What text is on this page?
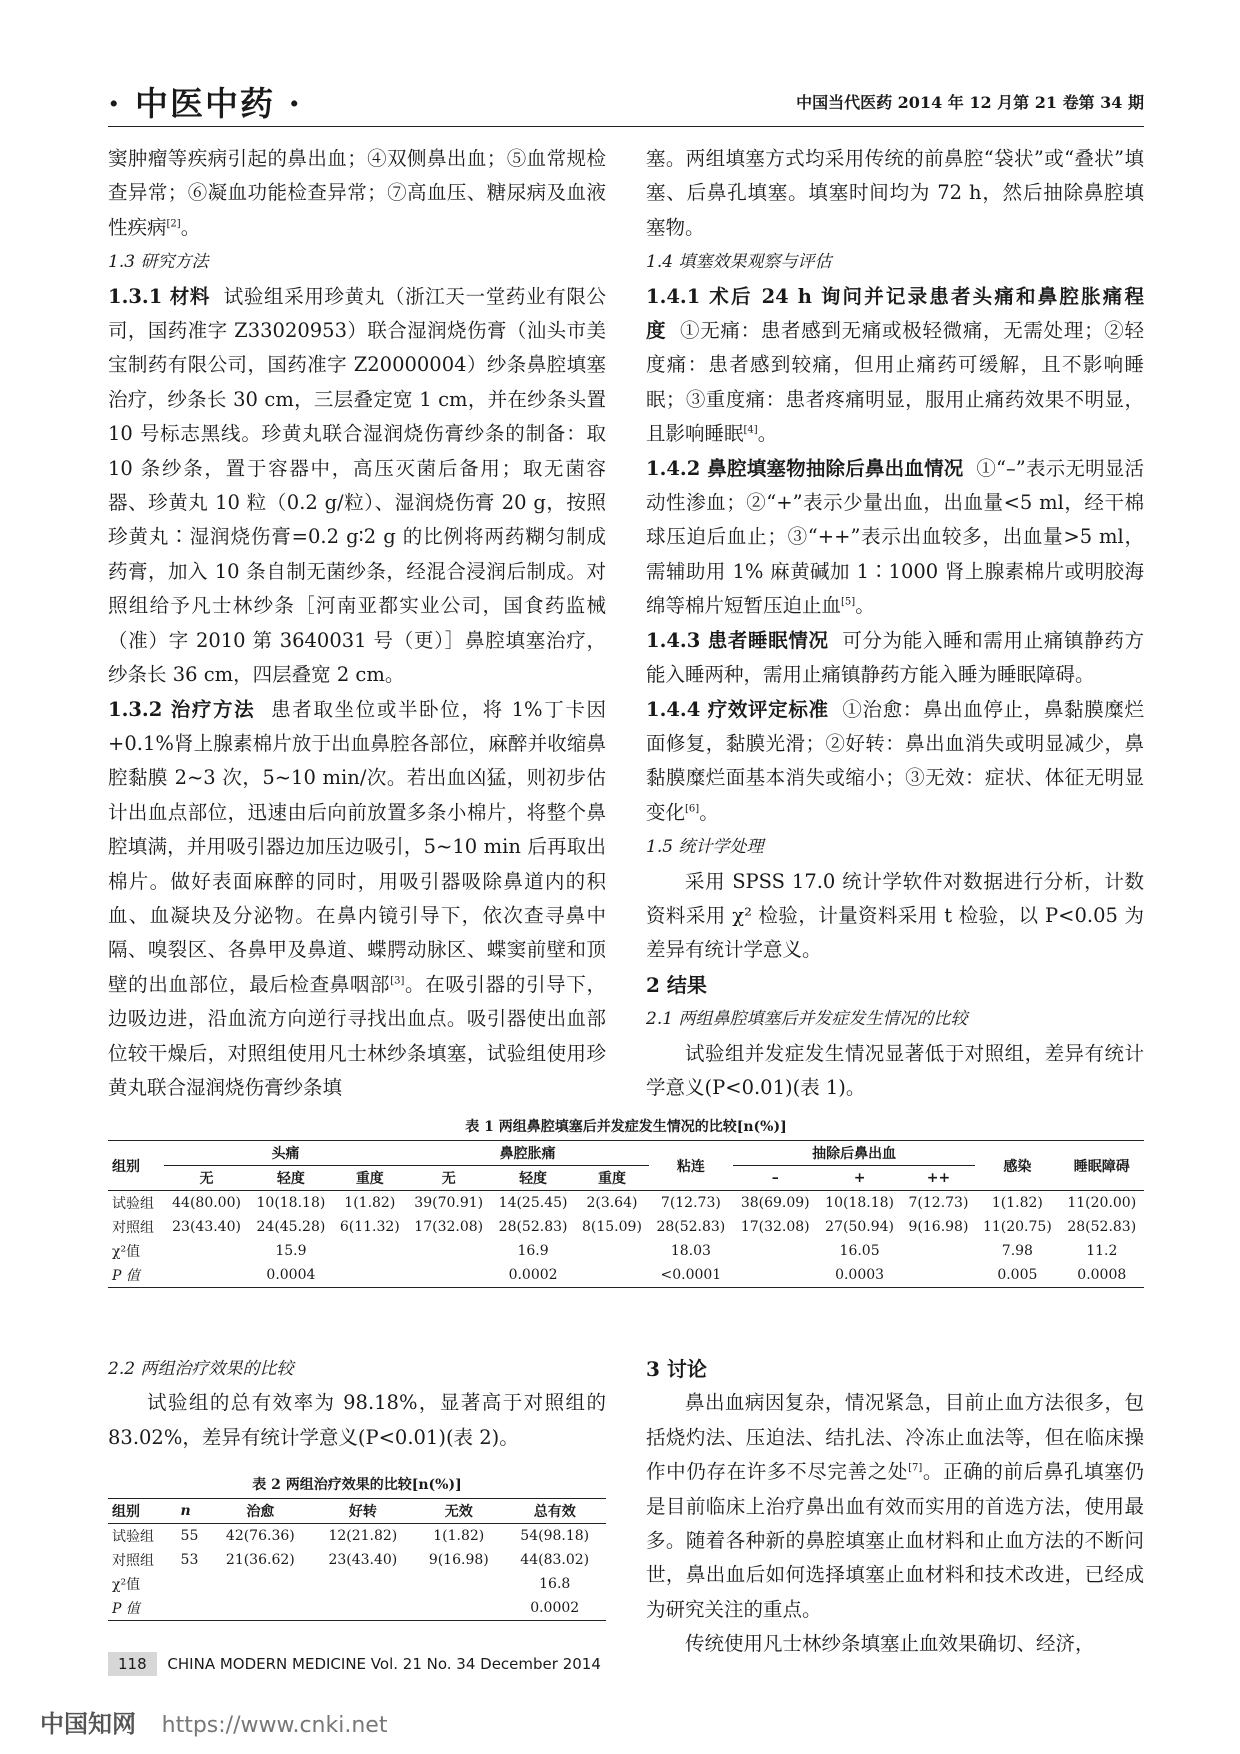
· 中医中药 ·	中国当代医药 2014 年 12 月第 21 卷第 34 期

窦肿瘤等疾病引起的鼻出血；④双侧鼻出血；⑤血常规检查异常；⑥凝血功能检查异常；⑦高血压、糖尿病及血液性疾病[2]。

1.3 研究方法

1.3.1 材料 试验组采用珍黄丸（浙江天一堂药业有限公司，国药准字 Z33020953）联合湿润烧伤膏（汕头市美宝制药有限公司，国药准字 Z20000004）纱条鼻腔填塞治疗，纱条长 30 cm，三层叠定宽 1 cm，并在纱条头置 10 号标志黑线。珍黄丸联合湿润烧伤膏纱条的制备：取 10 条纱条，置于容器中，高压灭菌后备用；取无菌容器、珍黄丸 10 粒（0.2 g/粒）、湿润烧伤膏 20 g，按照珍黄丸∶湿润烧伤膏=0.2 g∶2 g 的比例将两药糊匀制成药膏，加入 10 条自制无菌纱条，经混合浸润后制成。对照组给予凡士林纱条［河南亚都实业公司，国食药监械（准）字 2010 第 3640031 号（更）］鼻腔填塞治疗，纱条长 36 cm，四层叠宽 2 cm。

1.3.2 治疗方法 患者取坐位或半卧位，将 1%丁卡因+0.1%肾上腺素棉片放于出血鼻腔各部位，麻醉并收缩鼻腔黏膜 2~3 次，5~10 min/次。若出血凶猛，则初步估计出血点部位，迅速由后向前放置多条小棉片，将整个鼻腔填满，并用吸引器边加压边吸引，5~10 min 后再取出棉片。做好表面麻醉的同时，用吸引器吸除鼻道内的积血、血凝块及分泌物。在鼻内镜引导下，依次查寻鼻中隔、嗅裂区、各鼻甲及鼻道、蝶腭动脉区、蝶窦前壁和顶壁的出血部位，最后检查鼻咽部[3]。在吸引器的引导下，边吸边进，沿血流方向逆行寻找出血点。吸引器使出血部位较干燥后，对照组使用凡士林纱条填塞，试验组使用珍黄丸联合湿润烧伤膏纱条填

塞。两组填塞方式均采用传统的前鼻腔“袋状”或“叠状”填塞、后鼻孔填塞。填塞时间均为 72 h，然后抽除鼻腔填塞物。

1.4 填塞效果观察与评估

1.4.1 术后 24 h 询问并记录患者头痛和鼻腔胀痛程度 ①无痛：患者感到无痛或极轻微痛，无需处理；②轻度痛：患者感到较痛，但用止痛药可缓解，且不影响睡眠；③重度痛：患者疼痛明显，服用止痛药效果不明显，且影响睡眠[4]。

1.4.2 鼻腔填塞物抽除后鼻出血情况 ①“–”表示无明显活动性渗血；②“+”表示少量出血，出血量<5 ml，经干棉球压迫后血止；③“++”表示出血较多，出血量>5 ml，需辅助用 1% 麻黄碱加 1∶1000 肾上腺素棉片或明胶海绵等棉片短暂压迫止血[5]。

1.4.3 患者睡眠情况 可分为能入睡和需用止痛镇静药方能入睡两种，需用止痛镇静药方能入睡为睡眠障碍。

1.4.4 疗效评定标准 ①治愈：鼻出血停止，鼻黏膜糜烂面修复，黏膜光滑；②好转：鼻出血消失或明显减少，鼻黏膜糜烂面基本消失或缩小；③无效：症状、体征无明显变化[6]。

1.5 统计学处理

采用 SPSS 17.0 统计学软件对数据进行分析，计数资料采用 χ² 检验，计量资料采用 t 检验，以 P<0.05 为差异有统计学意义。

2 结果

2.1 两组鼻腔填塞后并发症发生情况的比较

试验组并发症发生情况显著低于对照组，差异有统计学意义(P<0.01)(表 1)。

表 1 两组鼻腔填塞后并发症发生情况的比较[n(%)]
组别	头痛			鼻腔胀痛			粘连	抽除后鼻出血			感染	睡眠障碍
	无	轻度	重度	无	轻度	重度		–	+	++		
试验组	44(80.00)	10(18.18)	1(1.82)	39(70.91)	14(25.45)	2(3.64)	7(12.73)	38(69.09)	10(18.18)	7(12.73)	1(1.82)	11(20.00)
对照组	23(43.40)	24(45.28)	6(11.32)	17(32.08)	28(52.83)	8(15.09)	28(52.83)	17(32.08)	27(50.94)	9(16.98)	11(20.75)	28(52.83)
χ²值		15.9			16.9		18.03		16.05		7.98	11.2
P 值		0.0004			0.0002		<0.0001		0.0003		0.005	0.0008

2.2 两组治疗效果的比较

试验组的总有效率为 98.18%，显著高于对照组的 83.02%，差异有统计学意义(P<0.01)(表 2)。

表 2 两组治疗效果的比较[n(%)]
组别	n	治愈	好转	无效	总有效
试验组	55	42(76.36)	12(21.82)	1(1.82)	54(98.18)
对照组	53	21(36.62)	23(43.40)	9(16.98)	44(83.02)
χ²值					16.8
P 值					0.0002

3 讨论

鼻出血病因复杂，情况紧急，目前止血方法很多，包括烧灼法、压迫法、结扎法、冷冻止血法等，但在临床操作中仍存在许多不尽完善之处[7]。正确的前后鼻孔填塞仍是目前临床上治疗鼻出血有效而实用的首选方法，使用最多。随着各种新的鼻腔填塞止血材料和止血方法的不断问世，鼻出血后如何选择填塞止血材料和技术改进，已经成为研究关注的重点。

传统使用凡士林纱条填塞止血效果确切、经济，

118 CHINA MODERN MEDICINE Vol. 21 No. 34 December 2014
中国知网 https://www.cnki.net
